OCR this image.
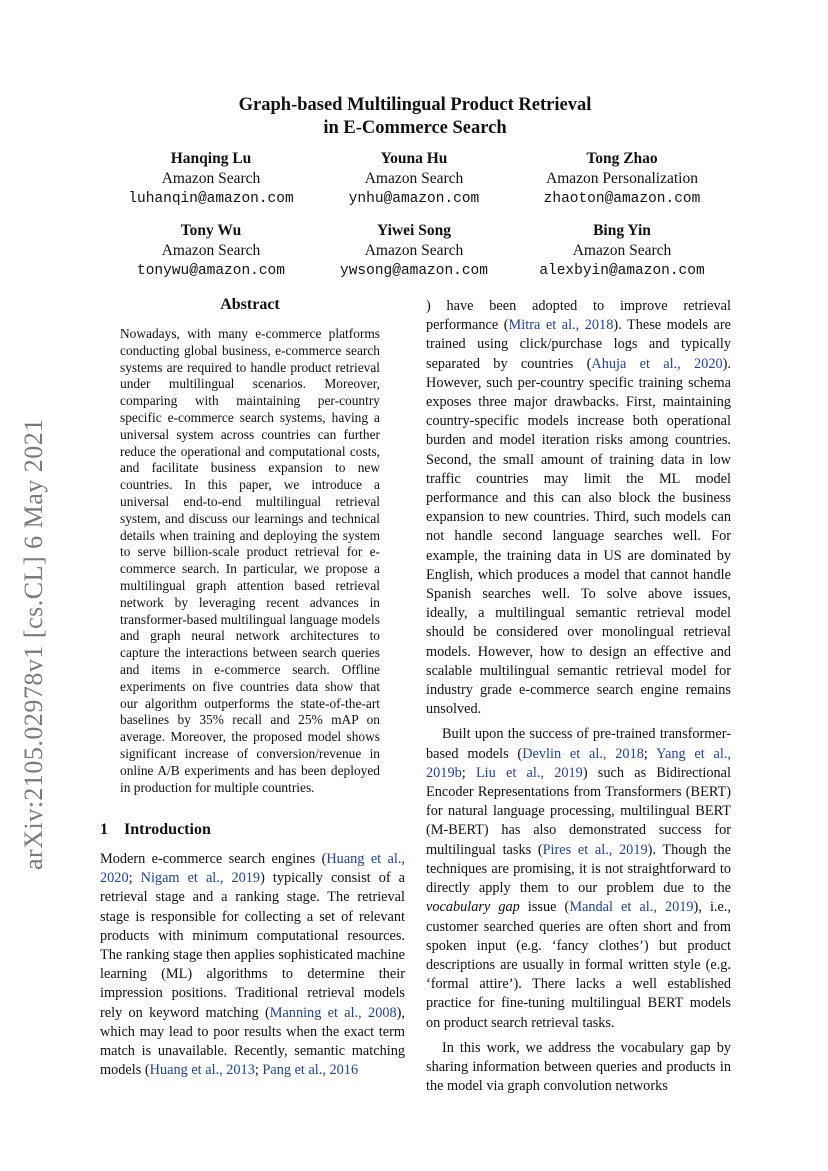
arXiv:2105.02978v1 [cs.CL] 6 May 2021
Graph-based Multilingual Product Retrieval
in E-Commerce Search
Hanqing Lu
Amazon Search
luhanqin@amazon.com
Youna Hu
Amazon Search
ynhu@amazon.com
Tong Zhao
Amazon Personalization
zhaoton@amazon.com
Tony Wu
Amazon Search
tonywu@amazon.com
Yiwei Song
Amazon Search
ywsong@amazon.com
Bing Yin
Amazon Search
alexbyin@amazon.com
Abstract

Nowadays, with many e-commerce platforms conducting global business, e-commerce search systems are required to handle product retrieval under multilingual scenarios. Moreover, comparing with maintaining per-country specific e-commerce search systems, having a universal system across countries can further reduce the operational and computational costs, and facilitate business expansion to new countries. In this paper, we introduce a universal end-to-end multilingual retrieval system, and discuss our learnings and technical details when training and deploying the system to serve billion-scale product retrieval for e-commerce search. In particular, we propose a multilingual graph attention based retrieval network by leveraging recent advances in transformer-based multilingual language models and graph neural network architectures to capture the interactions between search queries and items in e-commerce search. Offline experiments on five countries data show that our algorithm outperforms the state-of-the-art baselines by 35% recall and 25% mAP on average. Moreover, the proposed model shows significant increase of conversion/revenue in online A/B experiments and has been deployed in production for multiple countries.

1 Introduction

Modern e-commerce search engines (Huang et al., 2020; Nigam et al., 2019) typically consist of a retrieval stage and a ranking stage. The retrieval stage is responsible for collecting a set of relevant products with minimum computational resources. The ranking stage then applies sophisticated machine learning (ML) algorithms to determine their impression positions. Traditional retrieval models rely on keyword matching (Manning et al., 2008), which may lead to poor results when the exact term match is unavailable. Recently, semantic matching models (Huang et al., 2013; Pang et al., 2016

) have been adopted to improve retrieval performance (Mitra et al., 2018). These models are trained using click/purchase logs and typically separated by countries (Ahuja et al., 2020). However, such per-country specific training schema exposes three major drawbacks. First, maintaining country-specific models increase both operational burden and model iteration risks among countries. Second, the small amount of training data in low traffic countries may limit the ML model performance and this can also block the business expansion to new countries. Third, such models can not handle second language searches well. For example, the training data in US are dominated by English, which produces a model that cannot handle Spanish searches well. To solve above issues, ideally, a multilingual semantic retrieval model should be considered over monolingual retrieval models. However, how to design an effective and scalable multilingual semantic retrieval model for industry grade e-commerce search engine remains unsolved.

Built upon the success of pre-trained transformer-based models (Devlin et al., 2018; Yang et al., 2019b; Liu et al., 2019) such as Bidirectional Encoder Representations from Transformers (BERT) for natural language processing, multilingual BERT (M-BERT) has also demonstrated success for multilingual tasks (Pires et al., 2019). Though the techniques are promising, it is not straightforward to directly apply them to our problem due to the vocabulary gap issue (Mandal et al., 2019), i.e., customer searched queries are often short and from spoken input (e.g. ‘fancy clothes’) but product descriptions are usually in formal written style (e.g. ‘formal attire’). There lacks a well established practice for fine-tuning multilingual BERT models on product search retrieval tasks.

In this work, we address the vocabulary gap by sharing information between queries and products in the model via graph convolution networks
